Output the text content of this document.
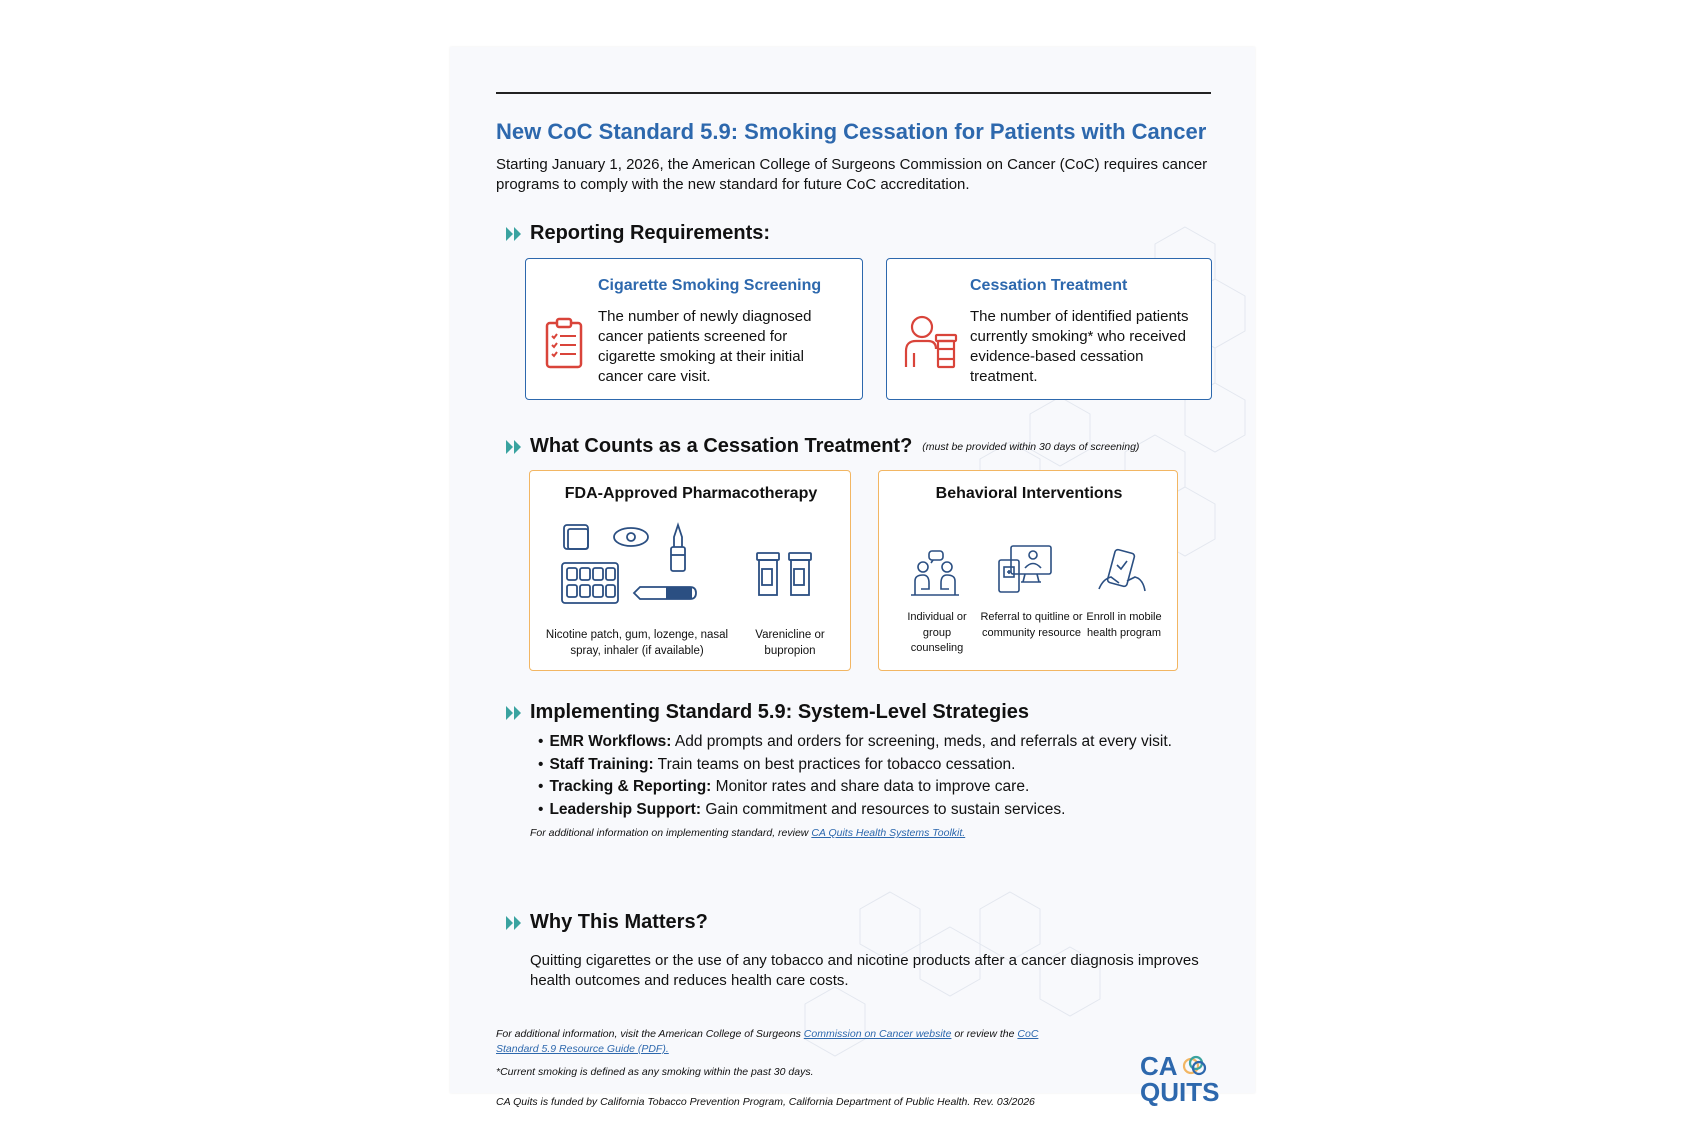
New CoC Standard 5.9: Smoking Cessation for Patients with Cancer
Starting January 1, 2026, the American College of Surgeons Commission on Cancer (CoC) requires cancer programs to comply with the new standard for future CoC accreditation.
Reporting Requirements:
Cigarette Smoking Screening
The number of newly diagnosed cancer patients screened for cigarette smoking at their initial cancer care visit.
Cessation Treatment
The number of identified patients currently smoking* who received evidence-based cessation treatment.
What Counts as a Cessation Treatment? (must be provided within 30 days of screening)
FDA-Approved Pharmacotherapy
Nicotine patch, gum, lozenge, nasal spray, inhaler (if available)
Varenicline or bupropion
Behavioral Interventions
Individual or group counseling
Referral to quitline or community resource
Enroll in mobile health program
Implementing Standard 5.9: System-Level Strategies
• EMR Workflows: Add prompts and orders for screening, meds, and referrals at every visit.
• Staff Training: Train teams on best practices for tobacco cessation.
• Tracking & Reporting: Monitor rates and share data to improve care.
• Leadership Support: Gain commitment and resources to sustain services.
For additional information on implementing standard, review CA Quits Health Systems Toolkit.
Why This Matters?
Quitting cigarettes or the use of any tobacco and nicotine products after a cancer diagnosis improves health outcomes and reduces health care costs.
For additional information, visit the American College of Surgeons Commission on Cancer website or review the CoC Standard 5.9 Resource Guide (PDF).
*Current smoking is defined as any smoking within the past 30 days.	CA
QUITS
CA Quits is funded by California Tobacco Prevention Program, California Department of Public Health. Rev. 03/2026
